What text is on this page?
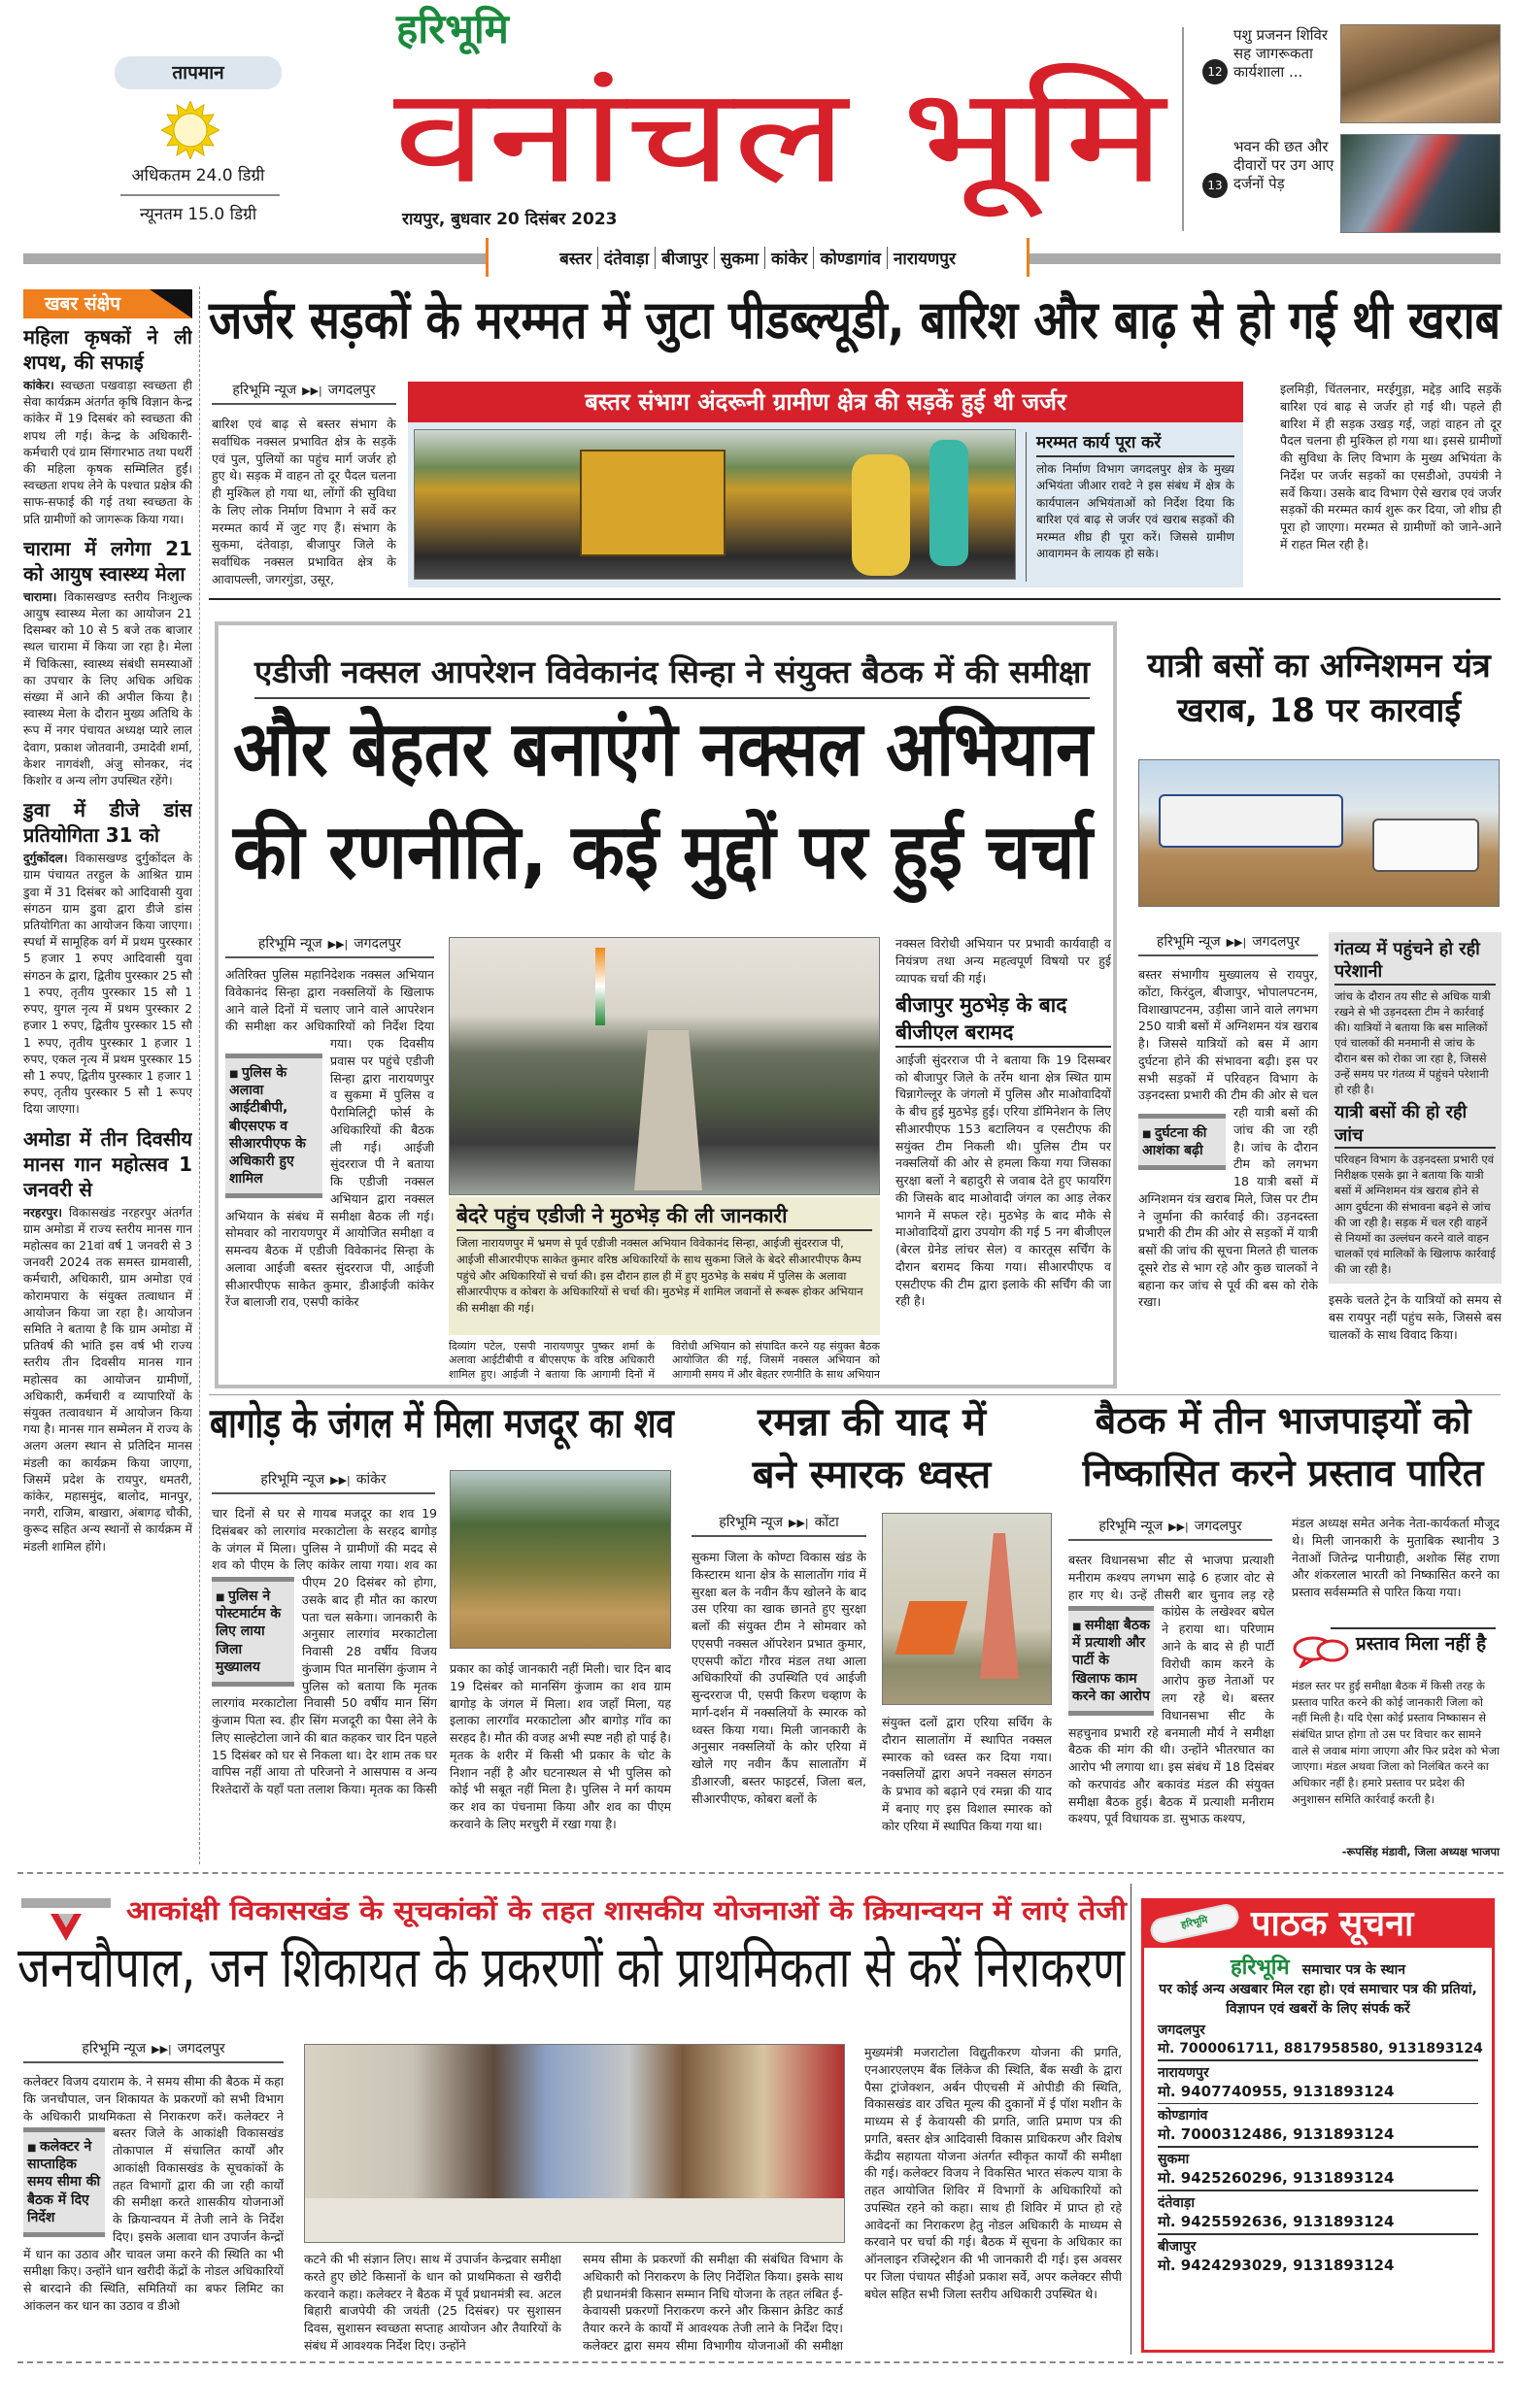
तापमान
अधिकतम 24.0 डिग्री
न्यूनतम 15.0 डिग्री
हरिभूमि
वनांचल भूमि
रायपुर, बुधवार 20 दिसंबर 2023
12
पशु प्रजनन शिविर सह जागरूकता कार्यशाला ...
13
भवन की छत और दीवारों पर उग आए दर्जनों पेड़
बस्तर दंतेवाड़ा बीजापुर सुकमा कांकेर कोण्डागांव नारायणपुर
खबर संक्षेप
महिला कृषकों ने ली शपथ, की सफाई

कांकेर। स्वच्छता पखवाड़ा स्वच्छता ही सेवा कार्यक्रम अंतर्गत कृषि विज्ञान केन्द्र कांकेर में 19 दिसबंर को स्वच्छता की शपथ ली गई। केन्द्र के अधिकारी-कर्मचारी एवं ग्राम सिंगारभाठ तथा पथर्री की महिला कृषक सम्मिलित हुईं। स्वच्छता शपथ लेने के पश्चात प्रक्षेत्र की साफ-सफाई की गई तथा स्वच्छता के प्रति ग्रामीणों को जागरूक किया गया।

चारामा में लगेगा 21 को आयुष स्वास्थ्य मेला

चारामा। विकासखण्ड स्तरीय निःशुल्क आयुष स्वास्थ्य मेला का आयोजन 21 दिसम्बर को 10 से 5 बजे तक बाजार स्थल चारामा में किया जा रहा है। मेला में चिकित्सा, स्वास्थ्य संबंधी समस्याओं का उपचार के लिए अधिक अधिक संख्या में आने की अपील किया है। स्वास्थ्य मेला के दौरान मुख्य अतिथि के रूप में नगर पंचायत अध्यक्ष प्यारे लाल देवाग, प्रकाश जोतवानी, उमादेवी शर्मा, केशर नागवंशी, अंजु सोनकर, नंद किशोर व अन्य लोग उपस्थित रहेंगे।

डुवा में डीजे डांस प्रतियोगिता 31 को

दुर्गुकोंदल। विकासखण्ड दुर्गुकोंदल के ग्राम पंचायत तरहुल के आश्रित ग्राम डुवा में 31 दिसंबर को आदिवासी युवा संगठन ग्राम डुवा द्वारा डीजे डांस प्रतियोगिता का आयोजन किया जाएगा। स्पर्धा में सामूहिक वर्ग में प्रथम पुरस्कार 5 हजार 1 रुपए आदिवासी युवा संगठन के द्वारा, द्वितीय पुरस्कार 25 सौ 1 रुपए, तृतीय पुरस्कार 15 सौ 1 रुपए, युगल नृत्य में प्रथम पुरस्कार 2 हजार 1 रुपए, द्वितीय पुरस्कार 15 सौ 1 रुपए, तृतीय पुरस्कार 1 हजार 1 रुपए, एकल नृत्य में प्रथम पुरस्कार 15 सौ 1 रुपए, द्वितीय पुरस्कार 1 हजार 1 रुपए, तृतीय पुरस्कार 5 सौ 1 रूपए दिया जाएगा।

अमोडा में तीन दिवसीय मानस गान महोत्सव 1 जनवरी से

नरहरपुर। विकासखंड नरहरपुर अंतर्गत ग्राम अमोडा में राज्य स्तरीय मानस गान महोत्सव का 21वां वर्ष 1 जनवरी से 3 जनवरी 2024 तक समस्त ग्रामवासी, कर्मचारी, अधिकारी, ग्राम अमोडा एवं कोरामपारा के संयुक्त तत्वाधान में आयोजन किया जा रहा है। आयोजन समिति ने बताया है कि ग्राम अमोडा में प्रतिवर्ष की भांति इस वर्ष भी राज्य स्तरीय तीन दिवसीय मानस गान महोत्सव का आयोजन ग्रामीणों, अधिकारी, कर्मचारी व व्यापारियों के संयुक्त तत्वावधान में आयोजन किया गया है। मानस गान सम्मेलन में राज्य के अलग अलग स्थान से प्रतिदिन मानस मंडली का कार्यक्रम किया जाएगा, जिसमें प्रदेश के रायपुर, धमतरी, कांकेर, महासमुंद, बालोद, मानपुर, नगरी, राजिम, बाखारा, अंबागढ़ चौकी, कुरूद सहित अन्य स्थानों से कार्यक्रम में मंडली शामिल होंगे।

जर्जर सड़कों के मरम्मत में जुटा पीडब्ल्यूडी, बारिश और बाढ़ से हो गई थी खराब
हरिभूमि न्यूज ▶▶| जगदलपुर
बारिश एवं बाढ़ से बस्तर संभाग के सर्वाधिक नक्सल प्रभावित क्षेत्र के सड़कें एवं पुल, पुलियों का पहुंच मार्ग जर्जर हो हुए थे। सड़क में वाहन तो दूर पैदल चलना ही मुश्किल हो गया था, लोंगों की सुविधा के लिए लोक निर्माण विभाग ने सर्वे कर मरम्मत कार्य में जुट गए हैं। संभाग के सुकमा, दंतेवाड़ा, बीजापुर जिले के सर्वाधिक नक्सल प्रभावित क्षेत्र के आवापल्ली, जगरगुंडा, उसूर,
बस्तर संभाग अंदरूनी ग्रामीण क्षेत्र की सड़कें हुई थी जर्जर
मरम्मत कार्य पूरा करें
लोक निर्माण विभाग जगदलपुर क्षेत्र के मुख्य अभियंता जीआर रावटे ने इस संबंध में क्षेत्र के कार्यपालन अभियंताओं को निर्देश दिया कि बारिश एवं बाढ़ से जर्जर एवं खराब सड़कों की मरम्मत शीघ्र ही पूरा करें। जिससे ग्रामीण आवागमन के लायक हो सके।
इलमिड़ी, चिंतलनार, मरईगुड़ा, मद्देड़ आदि सड़कें बारिश एवं बाढ़ से जर्जर हो गई थी। पहले ही बारिश में ही सड़क उखड़ गई, जहां वाहन तो दूर पैदल चलना ही मुश्किल हो गया था। इससे ग्रामीणों की सुविधा के लिए विभाग के मुख्य अभियंता के निर्देश पर जर्जर सड़कों का एसडीओ, उपयंत्री ने सर्वे किया। उसके बाद विभाग ऐसे खराब एवं जर्जर सड़कों की मरम्मत कार्य शुरू कर दिया, जो शीघ्र ही पूरा हो जाएगा। मरम्मत से ग्रामीणों को जाने-आने में राहत मिल रही है।
एडीजी नक्सल आपरेशन विवेकानंद सिन्हा ने संयुक्त बैठक में की समीक्षा
और बेहतर बनाएंगे नक्सल अभियान
की रणनीति, कई मुद्दों पर हुई चर्चा
हरिभूमि न्यूज ▶▶| जगदलपुर
■ पुलिस के अलावा आईटीबीपी, बीएसएफ व सीआरपीएफ के अधिकारी हुए शामिल
अतिरिक्त पुलिस महानिदेशक नक्सल अभियान विवेकानंद सिन्हा द्वारा नक्सलियों के खिलाफ आने वाले दिनों में चलाए जाने वाले आपरेशन की समीक्षा कर अधिकारियों को निर्देश दिया गया। एक दिवसीय प्रवास पर पहुंचे एडीजी सिन्हा द्वारा नारायणपुर व सुकमा में पुलिस व पैरामिलिट्री फोर्स के अधिकारियों की बैठक ली गई। आईजी सुंदरराज पी ने बताया कि एडीजी नक्सल अभियान द्वारा नक्सल अभियान के संबंध में समीक्षा बैठक ली गई। सोमवार को नारायणपुर में आयोजित समीक्षा व समन्वय बैठक में एडीजी विवेकानंद सिन्हा के अलावा आईजी बस्तर सुंदरराज पी, आईजी सीआरपीएफ साकेत कुमार, डीआईजी कांकेर रेंज बालाजी राव, एसपी कांकेर
बेदरे पहुंच एडीजी ने मुठभेड़ की ली जानकारी
जिला नारायणपुर में भ्रमण से पूर्व एडीजी नक्सल अभियान विवेकानंद सिन्हा, आईजी सुंदरराज पी, आईजी सीआरपीएफ साकेत कुमार वरिष्ठ अधिकारियों के साथ सुकमा जिले के बेदरे सीआरपीएफ कैम्प पहुंचे और अधिकारियों से चर्चा की। इस दौरान हाल ही में हुए मुठभेड़ के सबंध में पुलिस के अलावा सीआरपीएफ व कोबरा के अधिकारियों से चर्चा की। मुठभेड़ में शामिल जवानों से रूबरू होकर अभियान की समीक्षा की गई।
दिव्यांग पटेल, एसपी नारायणपुर पुष्कर शर्मा के अलावा आईटीबीपी व बीएसएफ के वरिष्ठ अधिकारी शामिल हुए। आईजी ने बताया कि आगामी दिनों में
विरोधी अभियान को संपादित करने यह संयुक्त बैठक आयोजित की गई, जिसमें नक्सल अभियान को आगामी समय में और बेहतर रणनीति के साथ अभियान
नक्सल विरोधी अभियान पर प्रभावी कार्यवाही व नियंत्रण तथा अन्य महत्वपूर्ण विषयो पर हुई व्यापक चर्चा की गई।
बीजापुर मुठभेड़ के बाद बीजीएल बरामद
आईजी सुंदरराज पी ने बताया कि 19 दिसम्बर को बीजापुर जिले के तर्रेम थाना क्षेत्र स्थित ग्राम चिन्नागेल्लूर के जंगलो में पुलिस और माओवादियों के बीच हुई मुठभेड़ हुई। एरिया डॉमिनेशन के लिए सीआरपीएफ 153 बटालियन व एसटीएफ की सयुंक्त टीम निकली थी। पुलिस टीम पर नक्सलियों की ओर से हमला किया गया जिसका सुरक्षा बलों ने बहादुरी से जवाब देते हुए फायरिंग की जिसके बाद माओवादी जंगल का आड़ लेकर भागने में सफल रहे। मुठभेड़ के बाद मौके से माओवादियों द्वारा उपयोग की गई 5 नग बीजीएल (बेरल ग्रेनेड लांचर सेल) व कारतूस सर्चिंग के दौरान बरामद किया गया। सीआरपीएफ व एसटीएफ की टीम द्वारा इलाके की सर्चिंग की जा रही है।
यात्री बसों का अग्निशमन यंत्र खराब, 18 पर कारवाई
हरिभूमि न्यूज ▶▶| जगदलपुर
■ दुर्घटना की आशंका बढ़ी
बस्तर संभागीय मुख्यालय से रायपुर, कोंटा, किरंदुल, बीजापुर, भोपालपटनम, विशाखापटनम, उड़ीसा जाने वाले लगभग 250 यात्री बसों में अग्निशमन यंत्र खराब है। जिससे यात्रियों को बस में आग दुर्घटना होने की संभावना बढ़ी। इस पर सभी सड़कों में परिवहन विभाग के उड़नदस्ता प्रभारी की टीम की ओर से चल रही यात्री बसों की जांच की जा रही है। जांच के दौरान टीम को लगभग 18 यात्री बसों में अग्निशमन यंत्र खराब मिले, जिस पर टीम ने जुर्माना की कार्रवाई की। उड़नदस्ता प्रभारी की टीम की ओर से सड़कों में यात्री बसों की जांच की सूचना मिलते ही चालक दूसरे रोड से भाग रहे और कुछ चालकों ने बहाना कर जांच से पूर्व की बस को रोके रखा।
गंतव्य में पहुंचने हो रही परेशानी
जांच के दौरान तय सीट से अधिक यात्री रखने से भी उड़नदस्ता टीम ने कार्रवाई की। यात्रियों ने बताया कि बस मालिकों एवं चालकों की मनमानी से जांच के दौरान बस को रोका जा रहा है, जिससे उन्हें समय पर गंतव्य में पहुंचने परेशानी हो रही है।
यात्री बसों की हो रही जांच
परिवहन विभाग के उड़नदस्ता प्रभारी एवं निरीक्षक एसके झा ने बताया कि यात्री बसों में अग्निशमन यंत्र खराब होने से आग दुर्घटना की संभावना बढ़ने से जांच की जा रही है। सड़क में चल रही वाहनें से नियमों का उल्लंघन करने वाले वाहन चालकों एवं मालिकों के खिलाफ कार्रवाई की जा रही है।
इसके चलते ट्रेन के यात्रियों को समय से बस रायपुर नहीं पहुंच सके, जिससे बस चालकों के साथ विवाद किया।
बागोड़ के जंगल में मिला मजदूर का शव
हरिभूमि न्यूज ▶▶| कांकेर
■ पुलिस ने पोस्टमार्टम के लिए लाया जिला मुख्यालय
चार दिनों से घर से गायब मजदूर का शव 19 दिसंबबर को लारगांव मरकाटोला के सरहद बागोड़ के जंगल में मिला। पुलिस ने ग्रामीणों की मदद से शव को पीएम के लिए कांकेर लाया गया। शव का पीएम 20 दिसंबर को होगा, उसके बाद ही मौत का कारण पता चल सकेगा। जानकारी के अनुसार लारगांव मरकाटोला निवासी 28 वर्षीय विजय कुंजाम पित मानसिंग कुंजाम ने पुलिस को बताया कि मृतक लारगांव मरकाटोला निवासी 50 वर्षीय मान सिंग कुंजाम पिता स्व. हीर सिंग मजदूरी का पैसा लेने के लिए साल्हेटोला जाने की बात कहकर चार दिन पहले 15 दिसंबर को घर से निकला था। देर शाम तक घर वापिस नहीं आया तो परिजनो ने आसपास व अन्य रिश्तेदारों के यहाँ पता तलाश किया। मृतक का किसी
प्रकार का कोई जानकारी नहीं मिली। चार दिन बाद 19 दिसंबर को मानसिंग कुंजाम का शव ग्राम बागोड़ के जंगल में मिला। शव जहाँ मिला, यह इलाका लारगाँव मरकाटोला और बागोड़ गाँव का सरहद है। मौत की वजह अभी स्पष्ट नही हो पाई है। मृतक के शरीर में किसी भी प्रकार के चोट के निशान नहीं है और घटनास्थल से भी पुलिस को कोई भी सबूत नहीं मिला है। पुलिस ने मर्ग कायम कर शव का पंचनामा किया और शव का पीएम करवाने के लिए मरचुरी में रखा गया है।
रमन्ना की याद में
बने स्मारक ध्वस्त
हरिभूमि न्यूज ▶▶| कोंटा
सुकमा जिला के कोण्टा विकास खंड के किस्टारम थाना क्षेत्र के सालातोंग गांव में सुरक्षा बल के नवीन कैंप खोलने के बाद उस एरिया का खाक छानते हुए सुरक्षा बलों की संयुक्त टीम ने सोमवार को एएसपी नक्सल ऑपरेशन प्रभात कुमार, एएसपी कोंटा गौरव मंडल तथा आला अधिकारियों की उपस्थिति एवं आईजी सुन्दरराज पी, एसपी किरण चव्हाण के मार्ग-दर्शन में नक्सलियों के स्मारक को ध्वस्त किया गया। मिली जानकारी के अनुसार नक्सलियों के कोर एरिया में खोले गए नवीन कैंप सालातोंग में डीआरजी, बस्तर फाइटर्स, जिला बल, सीआरपीएफ, कोबरा बलों के
संयुक्त दलों द्वारा एरिया सर्चिग के दौरान सालातोंग में स्थापित नक्सल स्मारक को ध्वस्त कर दिया गया। नक्सलियों द्वारा अपने नक्सल संगठन के प्रभाव को बढ़ाने एवं रमन्ना की याद में बनाए गए इस विशाल स्मारक को कोर एरिया में स्थापित किया गया था।
बैठक में तीन भाजपाइयों को
निष्कासित करने प्रस्ताव पारित
हरिभूमि न्यूज ▶▶| जगदलपुर
■ समीक्षा बैठक में प्रत्याशी और पार्टी के खिलाफ काम करने का आरोप
बस्तर विधानसभा सीट से भाजपा प्रत्याशी मनीराम कश्यप लगभग साढ़े 6 हजार वोट से हार गए थे। उन्हें तीसरी बार चुनाव लड़ रहे कांग्रेस के लखेश्वर बघेल ने हराया था। परिणाम आने के बाद से ही पार्टी विरोधी काम करने के आरोप कुछ नेताओं पर लग रहे थे। बस्तर विधानसभा सीट के सहचुनाव प्रभारी रहे बनमाली मौर्य ने समीक्षा बैठक की मांग की थी। उन्होंने भीतरघात का आरोप भी लगाया था। इस संबंध में 18 दिसंबर को करपावंड और बकावंड मंडल की संयुक्त समीक्षा बैठक हुई। बैठक में प्रत्याशी मनीराम कश्यप, पूर्व विधायक डा. सुभाऊ कश्यप,
मंडल अध्यक्ष समेत अनेक नेता-कार्यकर्ता मौजूद थे। मिली जानकारी के मुताबिक स्थानीय 3 नेताओं जितेन्द्र पानीग्राही, अशोक सिंह राणा और शंकरलाल भारती को निष्कासित करने का प्रस्ताव सर्वसम्मति से पारित किया गया।
प्रस्ताव मिला नहीं है
मंडल स्तर पर हुई समीक्षा बैठक में किसी तरह के प्रस्ताव पारित करने की कोई जानकारी जिला को नहीं मिली है। यदि ऐसा कोई प्रस्ताव निष्कासन से संबंधित प्राप्त होगा तो उस पर विचार कर सामने वाले से जवाब मांगा जाएगा और फिर प्रदेश को भेजा जाएगा। मंडल अथवा जिला को निलंबित करने का अधिकार नहीं है। हमारे प्रस्ताव पर प्रदेश की अनुशासन समिति कार्रवाई करती है।
-रूपसिंह मंडावी, जिला अध्यक्ष भाजपा
आकांक्षी विकासखंड के सूचकांकों के तहत शासकीय योजनाओं के क्रियान्वयन में लाएं तेजी
जनचौपाल, जन शिकायत के प्रकरणों को प्राथमिकता से करें निराकरण
हरिभूमि न्यूज ▶▶| जगदलपुर
■ कलेक्टर ने साप्ताहिक समय सीमा की बैठक में दिए निर्देश
कलेक्टर विजय दयाराम के. ने समय सीमा की बैठक में कहा कि जनचौपाल, जन शिकायत के प्रकरणों को सभी विभाग के अधिकारी प्राथमिकता से निराकरण करें। कलेक्टर ने बस्तर जिले के आकांक्षी विकासखंड तोकापाल में संचालित कार्यों और आकांक्षी विकासखंड के सूचकांकों के तहत विभागों द्वारा की जा रही कार्यों की समीक्षा करते शासकीय योजनाओं के क्रियान्वयन में तेजी लाने के निर्देश दिए। इसके अलावा धान उपार्जन केन्द्रों में धान का उठाव और चावल जमा करने की स्थिति का भी समीक्षा किए। उन्होंने धान खरीदी केंद्रों के नोडल अधिकारियों से बारदाने की स्थिति, समितियों का बफर लिमिट का आंकलन कर धान का उठाव व डीओ
कटने की भी संज्ञान लिए। साथ में उपार्जन केन्द्रवार समीक्षा करते हुए छोटे किसानों के धान को प्राथमिकता से खरीदी करवाने कहा। कलेक्टर ने बैठक में पूर्व प्रधानमंत्री स्व. अटल बिहारी बाजपेयी की जयंती (25 दिसंबर) पर सुशासन दिवस, सुशासन स्वच्छता सप्ताह आयोजन और तैयारियों के संबंध में आवश्यक निर्देश दिए। उन्होंने
समय सीमा के प्रकरणों की समीक्षा की संबंधित विभाग के अधिकारी को निराकरण के लिए निर्देशित किया। इसके साथ ही प्रधानमंत्री किसान सम्मान निधि योजना के तहत लंबित ई-केवायसी प्रकरणों निराकरण करने और किसान क्रेडिट कार्ड तैयार करने के कार्यों में आवश्यक तेजी लाने के निर्देश दिए। कलेक्टर द्वारा समय सीमा विभागीय योजनाओं की समीक्षा
मुख्यमंत्री मजराटोला विद्युतीकरण योजना की प्रगति, एनआरएलएम बैंक लिंकेज की स्थिति, बैंक सखी के द्वारा पैसा ट्रांजेक्शन, अर्बन पीएचसी में ओपीडी की स्थिति, विकासखंड वार उचित मूल्य की दुकानों में ई पॉश मशीन के माध्यम से ई केवायसी की प्रगति, जाति प्रमाण पत्र की प्रगति, बस्तर क्षेत्र आदिवासी विकास प्राधिकरण और विशेष केंद्रीय सहायता योजना अंतर्गत स्वीकृत कार्यों की समीक्षा की गई। कलेक्टर विजय ने विकसित भारत संकल्प यात्रा के तहत आयोजित शिविर में विभागों के अधिकारियों को उपस्थित रहने को कहा। साथ ही शिविर में प्राप्त हो रहे आवेदनों का निराकरण हेतु नोडल अधिकारी के माध्यम से करवाने पर चर्चा की गई। बैठक में सूचना के अधिकार का ऑनलाइन रजिस्ट्रेशन की भी जानकारी दी गई। इस अवसर पर जिला पंचायत सीईओ प्रकाश सर्वे, अपर कलेक्टर सीपी बघेल सहित सभी जिला स्तरीय अधिकारी उपस्थित थे।
हरिभूमि	पाठक सूचना
हरिभूमि समाचार पत्र के स्थान
पर कोई अन्य अखबार मिल रहा हो। एवं समाचार पत्र की प्रतियां, विज्ञापन एवं खबरों के लिए संपर्क करें
जगदलपुर
मो. 7000061711, 8817958580, 9131893124
नारायणपुर
मो. 9407740955, 9131893124
कोण्डागांव
मो. 7000312486, 9131893124
सुकमा
मो. 9425260296, 9131893124
दंतेवाड़ा
मो. 9425592636, 9131893124
बीजापुर
मो. 9424293029, 9131893124
